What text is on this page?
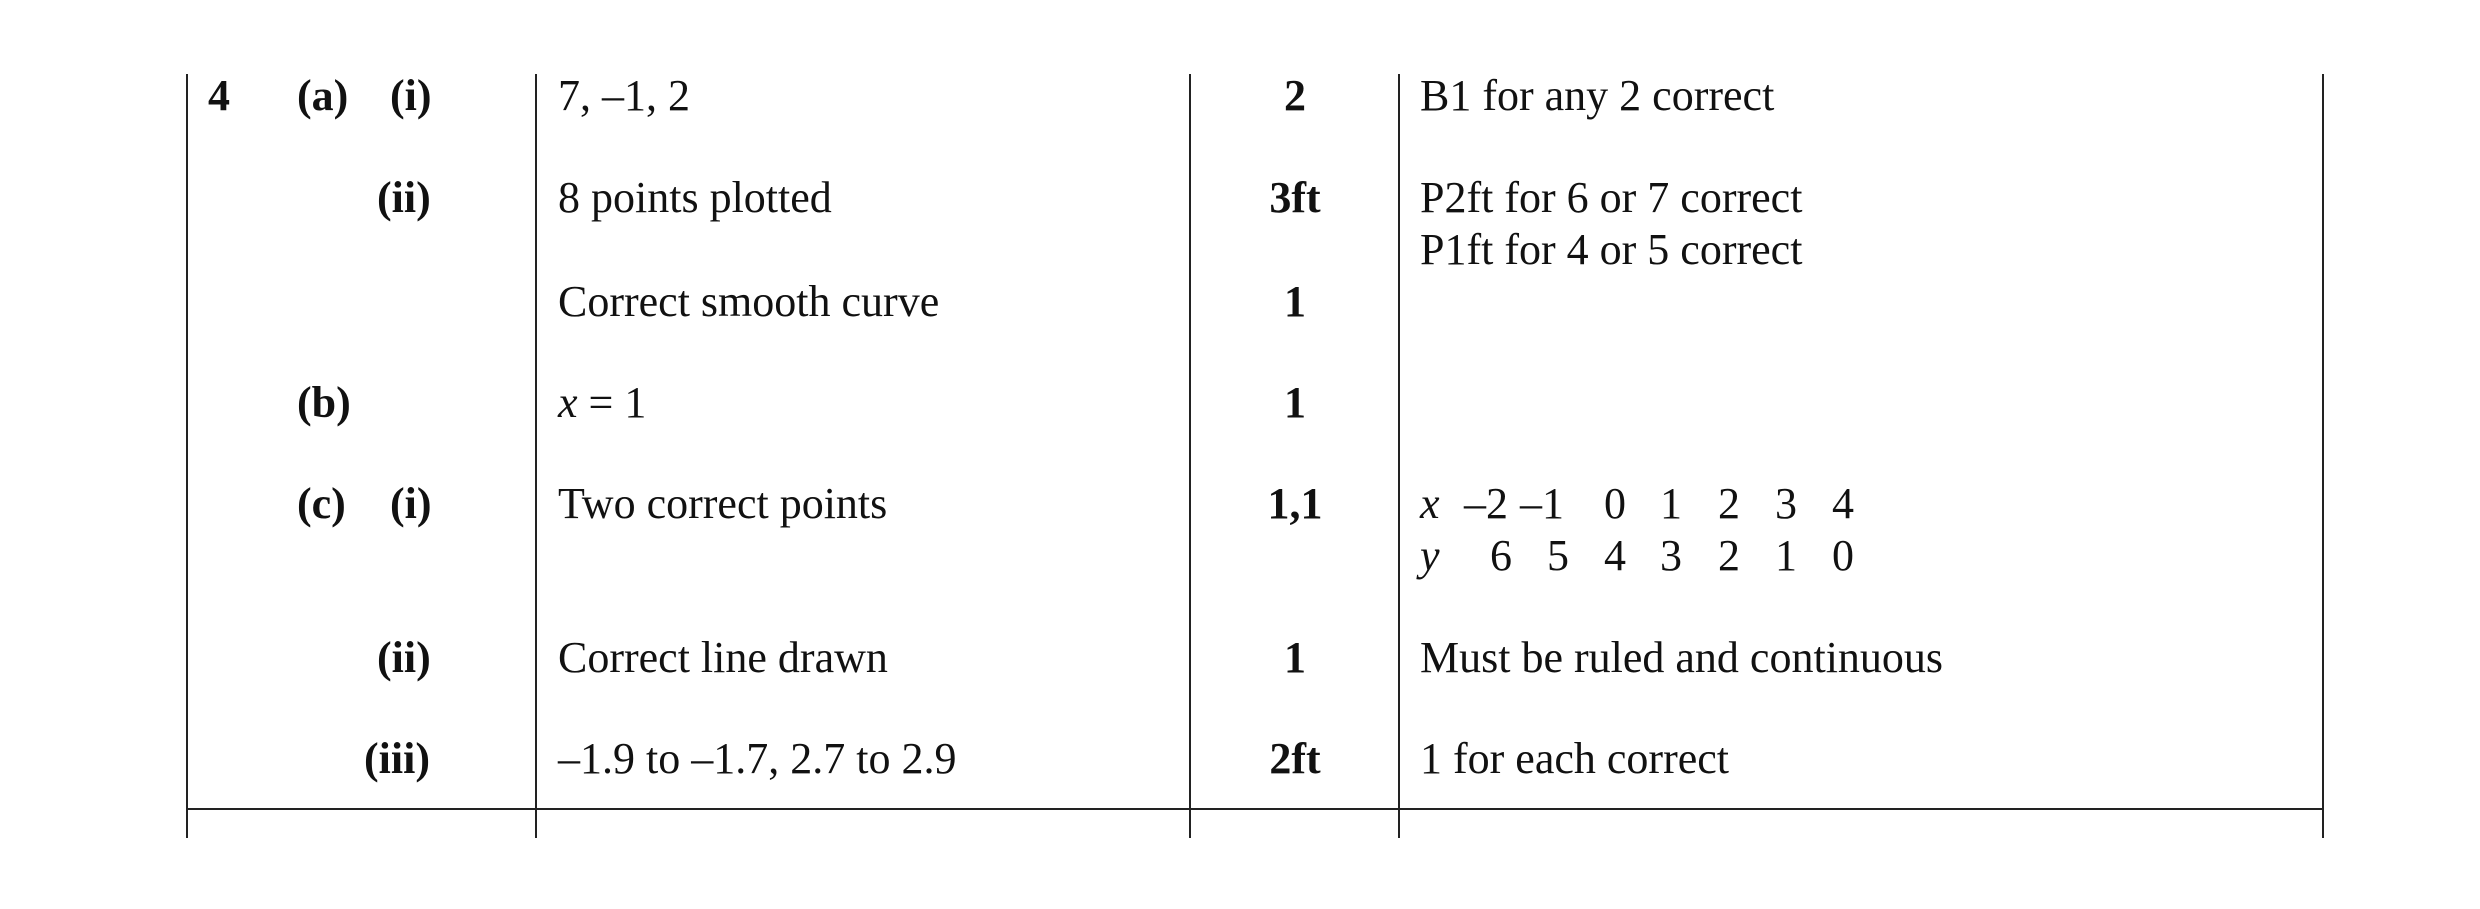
4 (a) (i)	7, –1, 2	2	B1 for any 2 correct
(ii)	8 points plotted	3ft	P2ft for 6 or 7 correct
P1ft for 4 or 5 correct
Correct smooth curve	1
(b)	x = 1	1
(c) (i)	Two correct points	1,1	x –2 –1 0 1 2 3 4
y	6 5 4 3 2 1 0
(ii)	Correct line drawn	1	Must be ruled and continuous
(iii)	–1.9 to –1.7, 2.7 to 2.9	2ft	1 for each correct
